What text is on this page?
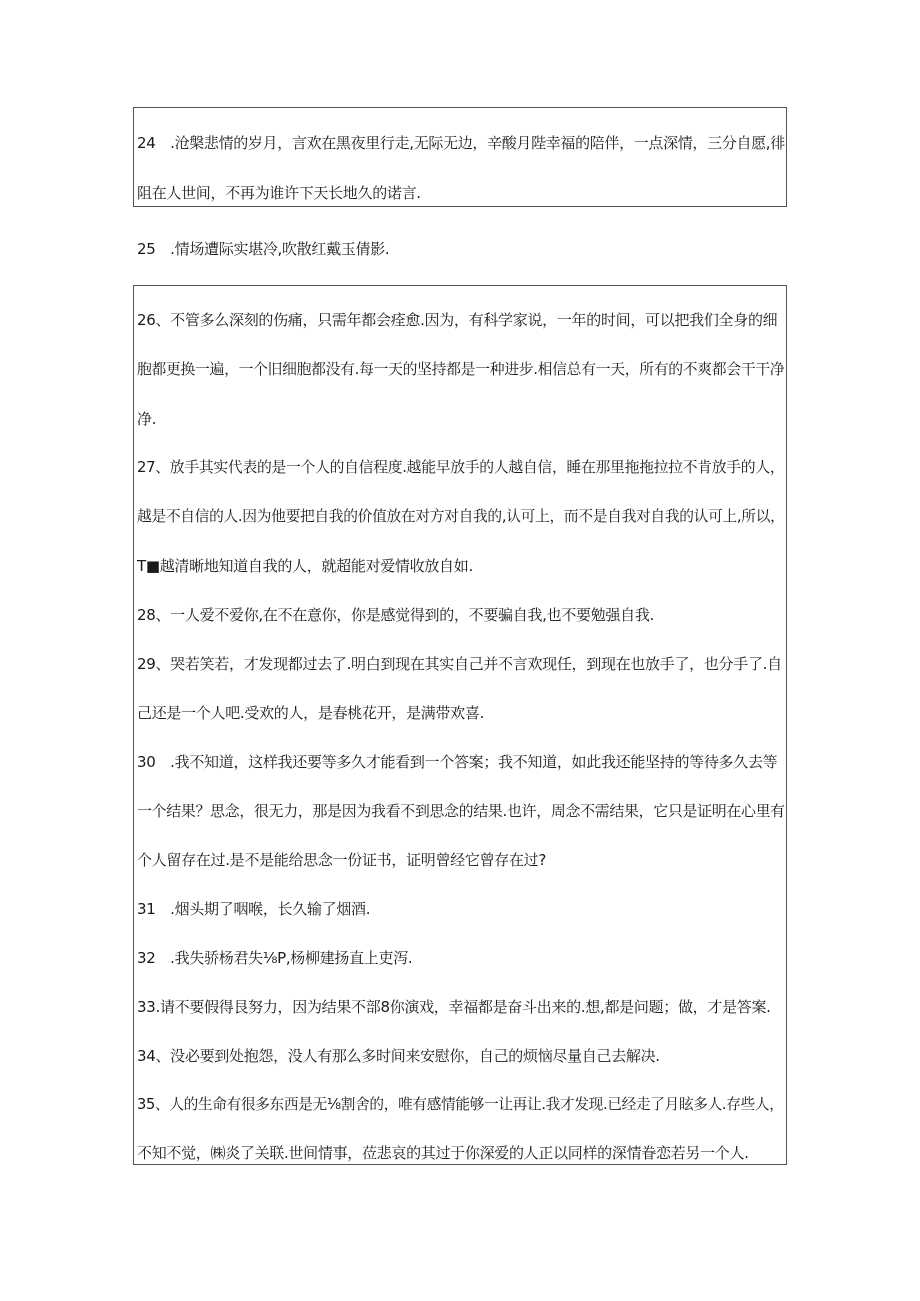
24　.沧槃悲情的岁月，言欢在黑夜里行走,无际无边，辛酸月陛幸福的陪伴，一点深情，三分自愿,徘
阻在人世间，不再为谁许下天长地久的诺言.
25　.情场遭际实堪冷,吹散红戴玉倩影.
26、不管多么深刻的伤痛，只需年都会痊愈.因为，有科学家说，一年的时间，可以把我们全身的细
胞都更换一遍，一个旧细胞都没有.每一天的坚持都是一种进步.相信总有一天，所有的不爽都会干干净
净.
27、放手其实代表的是一个人的自信程度.越能早放手的人越自信，睡在那里拖拖拉拉不肯放手的人，
越是不自信的人.因为他要把自我的价值放在对方对自我的,认可上，而不是自我对自我的认可上,所以，
T■越清晰地知道自我的人，就超能对爱情收放自如.
28、一人爱不爱你,在不在意你，你是感觉得到的，不要骗自我,也不要勉强自我.
29、哭若笑若，才发现都过去了.明白到现在其实自己并不言欢现任，到现在也放手了，也分手了.自
己还是一个人吧.受欢的人，是春桃花开，是满带欢喜.
30　.我不知道，这样我还要等多久才能看到一个答案；我不知道，如此我还能坚持的等待多久去等
一个结果？思念，很无力，那是因为我看不到思念的结果.也许，周念不需结果，它只是证明在心里有
个人留存在过.是不是能给思念一份证书，证明曾经它曾存在过?
31　.烟头期了咽喉，长久输了烟酒.
32　.我失骄杨君失⅛P,杨柳建扬直上吏泻.
33.请不要假得艮努力，因为结果不部8你演戏，幸福都是奋斗出来的.想,都是问题；做，才是答案.
34、没必要到处抱怨，没人有那么多时间来安慰你，自己的烦恼尽量自己去解决.
35、人的生命有很多东西是无⅛割舍的，唯有感情能够一让再让.我才发现.已经走了月眩多人.存些人，
不知不觉，㈱炎了关联.世间情事，莅悲哀的其过于你深爱的人正以同样的深情眷恋若另一个人.
